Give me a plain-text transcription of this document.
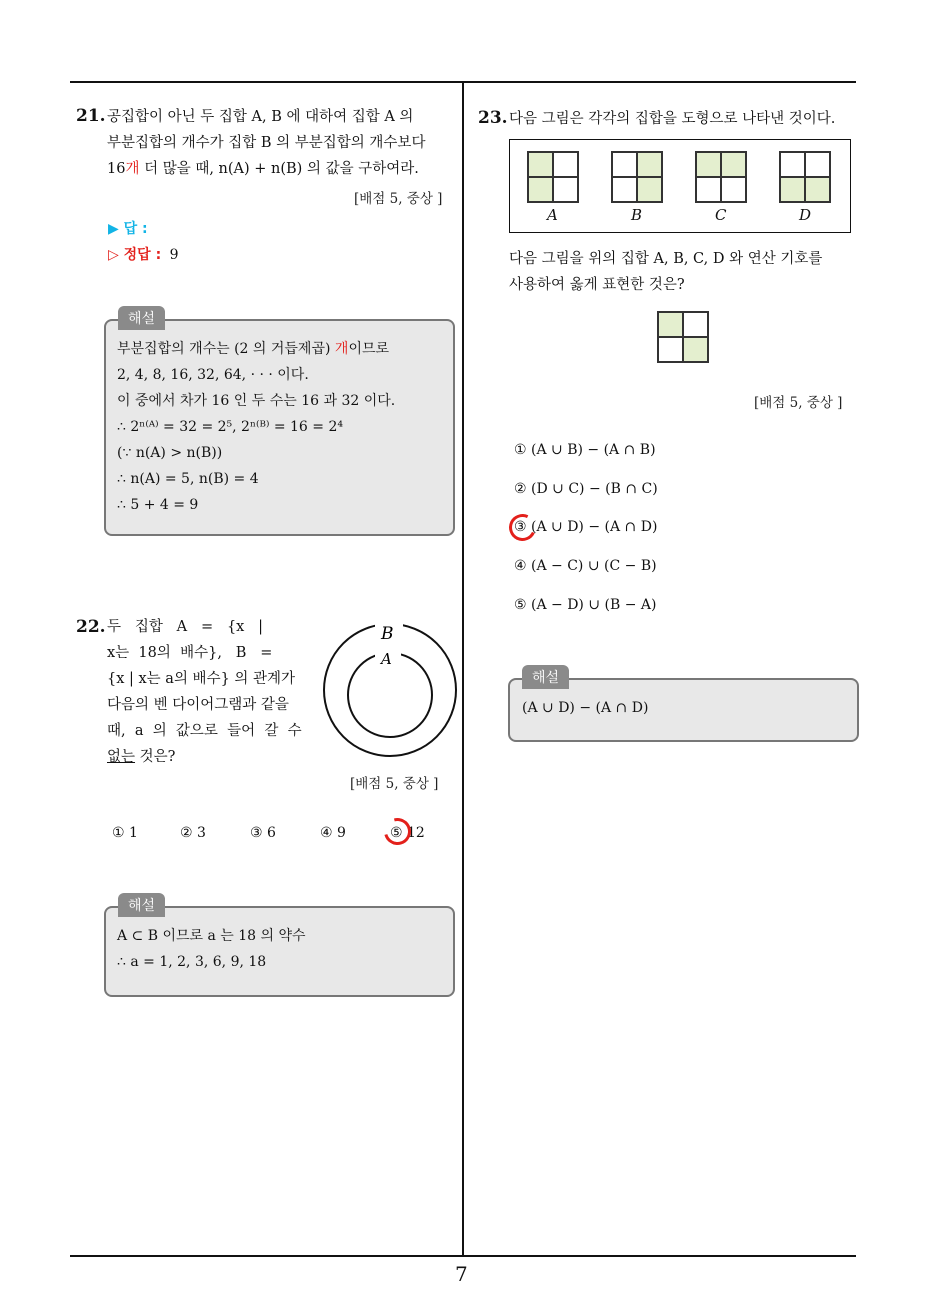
7
21. 공집합이 아닌 두 집합 A, B 에 대하여 집합 A 의
부분집합의 개수가 집합 B 의 부분집합의 개수보다
16개 더 많을 때, n(A) + n(B) 의 값을 구하여라.
[배점 5, 중상 ]
▶ 답 :
▷ 정답 : 9
해설
부분집합의 개수는 (2 의 거듭제곱) 개이므로
2, 4, 8, 16, 32, 64, · · · 이다.
이 중에서 차가 16 인 두 수는 16 과 32 이다.
∴ 2ⁿ⁽ᴬ⁾ = 32 = 2⁵, 2ⁿ⁽ᴮ⁾ = 16 = 2⁴
(∵ n(A) > n(B))
∴ n(A) = 5, n(B) = 4
∴ 5 + 4 = 9
22. 두   집합   A   =   {x   |
x는  18의  배수},   B   =
{x | x는 a의 배수} 의 관계가
다음의 벤 다이어그램과 같을
때,  a  의  값으로  들어  갈  수
없는 것은?
B
A
[배점 5, 중상 ]
① 1	② 3	③ 6	④ 9	⑤ 12
해설
A ⊂ B 이므로 a 는 18 의 약수
∴ a = 1, 2, 3, 6, 9, 18
23. 다음 그림은 각각의 집합을 도형으로 나타낸 것이다.
A	B	C	D
다음 그림을 위의 집합 A, B, C, D 와 연산 기호를
사용하여 옳게 표현한 것은?
[배점 5, 중상 ]
① (A ∪ B) − (A ∩ B)
② (D ∪ C) − (B ∩ C)
③ (A ∪ D) − (A ∩ D)
④ (A − C) ∪ (C − B)
⑤ (A − D) ∪ (B − A)
해설
(A ∪ D) − (A ∩ D)
